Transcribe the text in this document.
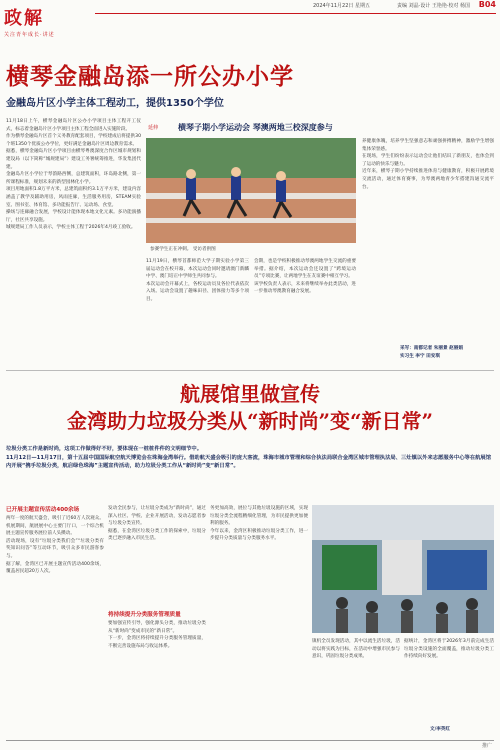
政解
关注青年成长·讲述
2024年11月22日 星期五	责编 刘晶·设计 王艳艳·校对 杨国 B04
横琴金融岛添一所公办小学
金融岛片区小学主体工程动工，提供1350个学位
11月18日上午，横琴金融岛片区公办小学项目主体工程开工仪式，标志着金融岛片区小学项目主体工程全面进入实施阶段。
作为横琴金融岛片区首个义务教育配套项目，学校建成后将提供30个班1350个优质公办学位，更好满足金融岛片区周边教育需求。
据悉，横琴金融岛片区小学项目由横琴粤澳深度合作区城市规划和建设局（以下简称“城规建局”）建设工务署统筹推进，华发集团代建。
金融岛片区小学位于琴韵路西侧，总建筑面积，环岛路北侧，第一所课程标准，规划未来的新型园林化小学。
项目用地面积1.8万平方米，总建筑面积约3.1万平方米，建设内容涵盖了教学及辅助用房，风雨连廊，生活服务用房，STEAM实验室、图书室、体育馆、多功能报告厅、运动场、食堂。
操场与连廊融合发展，学校设计能体现本地文化元素。多功能演播厅，社区共享设施。
城规建局工作人员表示，学校主体工程于2026年4月竣工验收。
延伸 横琴子期小学运动会 琴澳两地三校深度参与
参赛学生正在冲刺。 受访者供图
11月19日，横琴首都师范大学子期实验小学第三届运动会在校开幕，本次运动会同时邀请澳门新麟中学、澳门培正中学师生共同参与。
本次运动会开幕式上，各校运动员及各位代表依次入场。运动会设置了趣味田径、团体接力等多个项目。
会期，也是学校积极推动琴澳两地学生交流的重要举措。据介绍，本次运动会还设置了“跨境运动员”专项比赛，让两地学生在友谊赛中相互学习。
该学校负责人表示，未来将继续举办此类活动，进一步推动琴澳教育融合发展。
养健康体魄，培养学生坚强意志和顽强拼搏精神，激励学生增强集体荣誉感。
在现场，学生们纷纷表示运动会让他们结识了新朋友，也体会到了运动的快乐与魅力。
近年来，横琴子期小学持续推进体育与健康教育，积极开展跨境交流活动，通过体育赛事，为琴澳两地青少年搭建沟通交流平台。
采写：南都记者 朱丽景 赵丽娟
实习生 李宁 田安琪
航展馆里做宣传
金湾助力垃圾分类从“新时尚”变“新日常”
垃圾分类工作是新时尚，这项工作做得好不好，要体现在一桩桩件件的文明细节中。
11月12日—11月17日，第十五届中国国际航空航天博览会在珠海金湾举行。借助航天盛会吸引的庞大客流，珠海市城市管理和综合执法局联合金湾区城市管理执法局、三灶镇以外来志愿服务中心等在航展馆内开展“携手垃圾分类，航启绿色珠海”主题宣传活动，助力垃圾分类工作从“新时尚”变“新日常”。
已开展主题宣传活动400余场
两年一度的航天盛会，吸引了近60万人次观众。机展期间，航展展中心主要门厅口，一个综合机展主题宣传服务展位前人头攒动。
活动现场，设有“垃圾分类我们会”“垃圾分类有奖知识问答”等互动环节，吸引众多市民游客参与。
据了解，金湾区已开展主题宣传活动400余场，覆盖居民超20万人次。
发动全民参与，让垃圾分类成为“新时尚”，通过深入社区、学校、企业开展活动，发动志愿者参与垃圾分类宣传。
据悉，在金湾区垃圾分类工作的探索中，垃圾分类已逐步融入市民生活。
将持续提升分类服务管理质量
要加强宣传引导，强化源头分类，推动垃圾分类从“新时尚”变成市民的“新日常”。
下一步，金湾区将持续提升分类服务管理质量，不断完善设施布局与收运体系。
务更加高效，展位与其他垃圾设施的区域，实现垃圾分类全流程精细化管理，为市民提供更加便利的服务。
今年以来，金湾区积极推动垃圾分类工作，进一步提升分类质量与分类服务水平。
镇机全员发现活动，其中以流生活垃圾，活动以将实践为目标，在活动中增强市民参与意识，巩固垃圾分类成果。
据统计，金湾区将于2026年3月前完成生活垃圾分类设施的全面覆盖，推动垃圾分类工作持续向好发展。
文/李英红
推广
